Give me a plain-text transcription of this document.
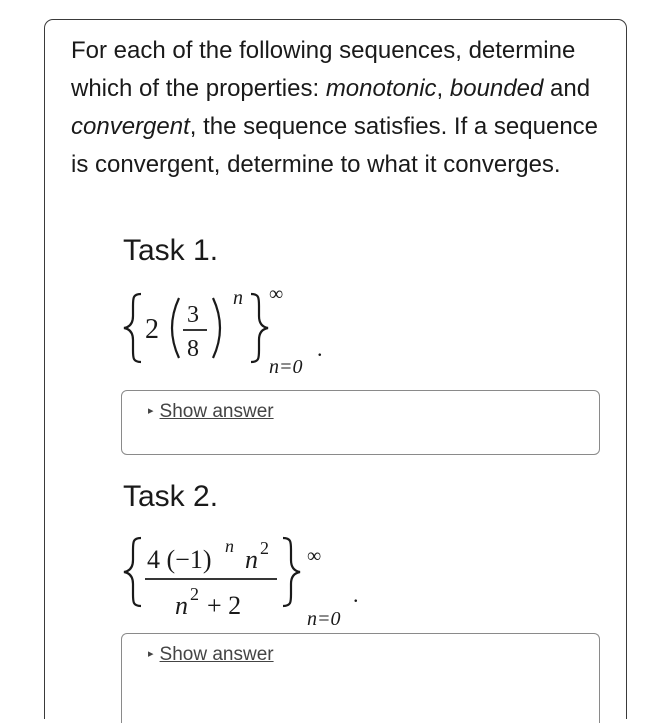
For each of the following sequences, determine which of the properties: monotonic, bounded and convergent, the sequence satisfies. If a sequence is convergent, determine to what it converges.

Task 1.
2 3
8
n ∞
n=0
.
▸ Show answer
Task 2.
4 (−1) n n 2
n 2 + 2
∞
n=0
.
▸ Show answer
